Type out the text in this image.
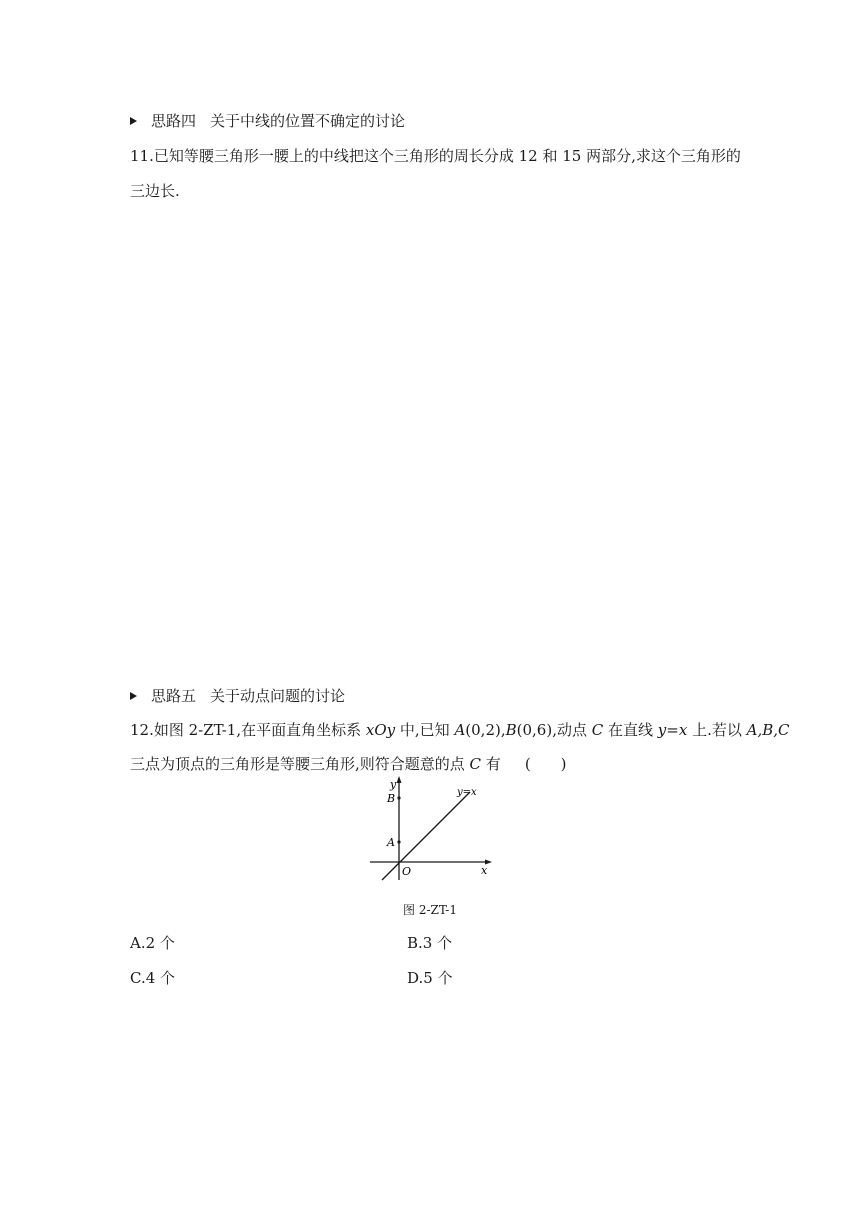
思路四 关于中线的位置不确定的讨论
11.已知等腰三角形一腰上的中线把这个三角形的周长分成 12 和 15 两部分,求这个三角形的
三边长.
思路五 关于动点问题的讨论
12.如图 2-ZT-1,在平面直角坐标系 xOy 中,已知 A(0,2),B(0,6),动点 C 在直线 y=x 上.若以 A,B,C
三点为顶点的三角形是等腰三角形,则符合题意的点 C 有 (　　)
y
B
A
O	x
y=x
图 2-ZT-1
A.2 个	B.3 个
C.4 个	D.5 个
